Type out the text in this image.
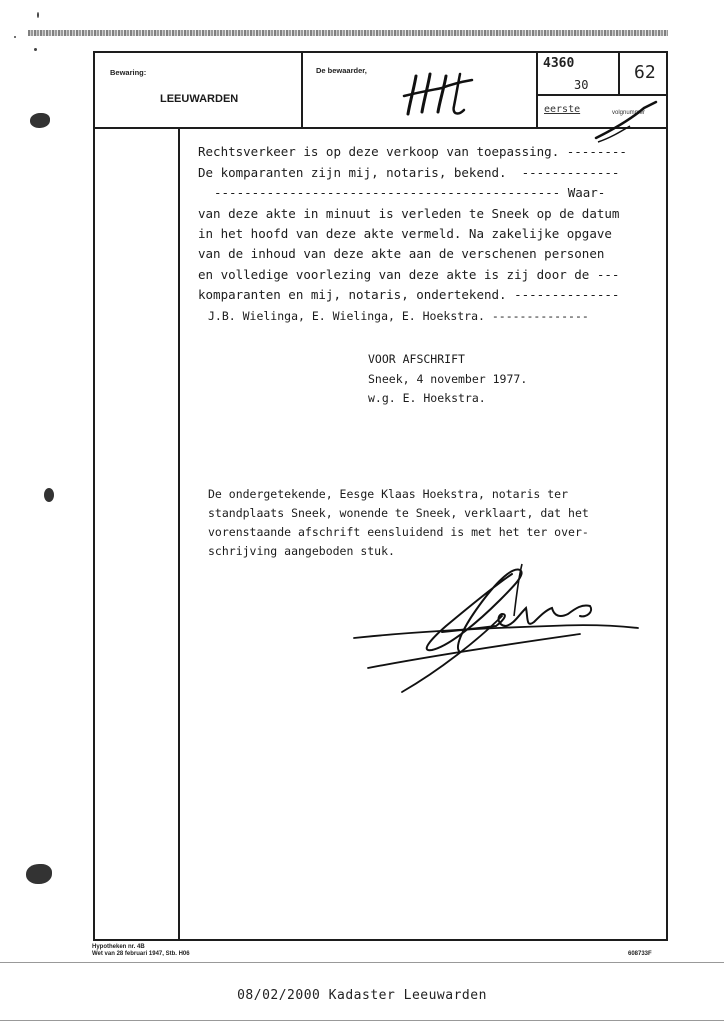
Bewaring:
LEEUWARDEN
De bewaarder,	4360
30
62
eerste	volgnummer
Rechtsverkeer is op deze verkoop van toepassing. --------
De komparanten zijn mij, notaris, bekend.  -------------
---------------------------------------------- Waar-
van deze akte in minuut is verleden te Sneek op de datum
in het hoofd van deze akte vermeld. Na zakelijke opgave
van de inhoud van deze akte aan de verschenen personen
en volledige voorlezing van deze akte is zij door de ---
komparanten en mij, notaris, ondertekend. --------------
J.B. Wielinga, E. Wielinga, E. Hoekstra. --------------
VOOR AFSCHRIFT
Sneek, 4 november 1977.
w.g. E. Hoekstra.
De ondergetekende, Eesge Klaas Hoekstra, notaris ter
standplaats Sneek, wonende te Sneek, verklaart, dat het
vorenstaande afschrift eensluidend is met het ter over-
schrijving aangeboden stuk.
Hypotheken nr. 4B
Wet van 28 februari 1947, Stb. H06	608733F
08/02/2000 Kadaster Leeuwarden
